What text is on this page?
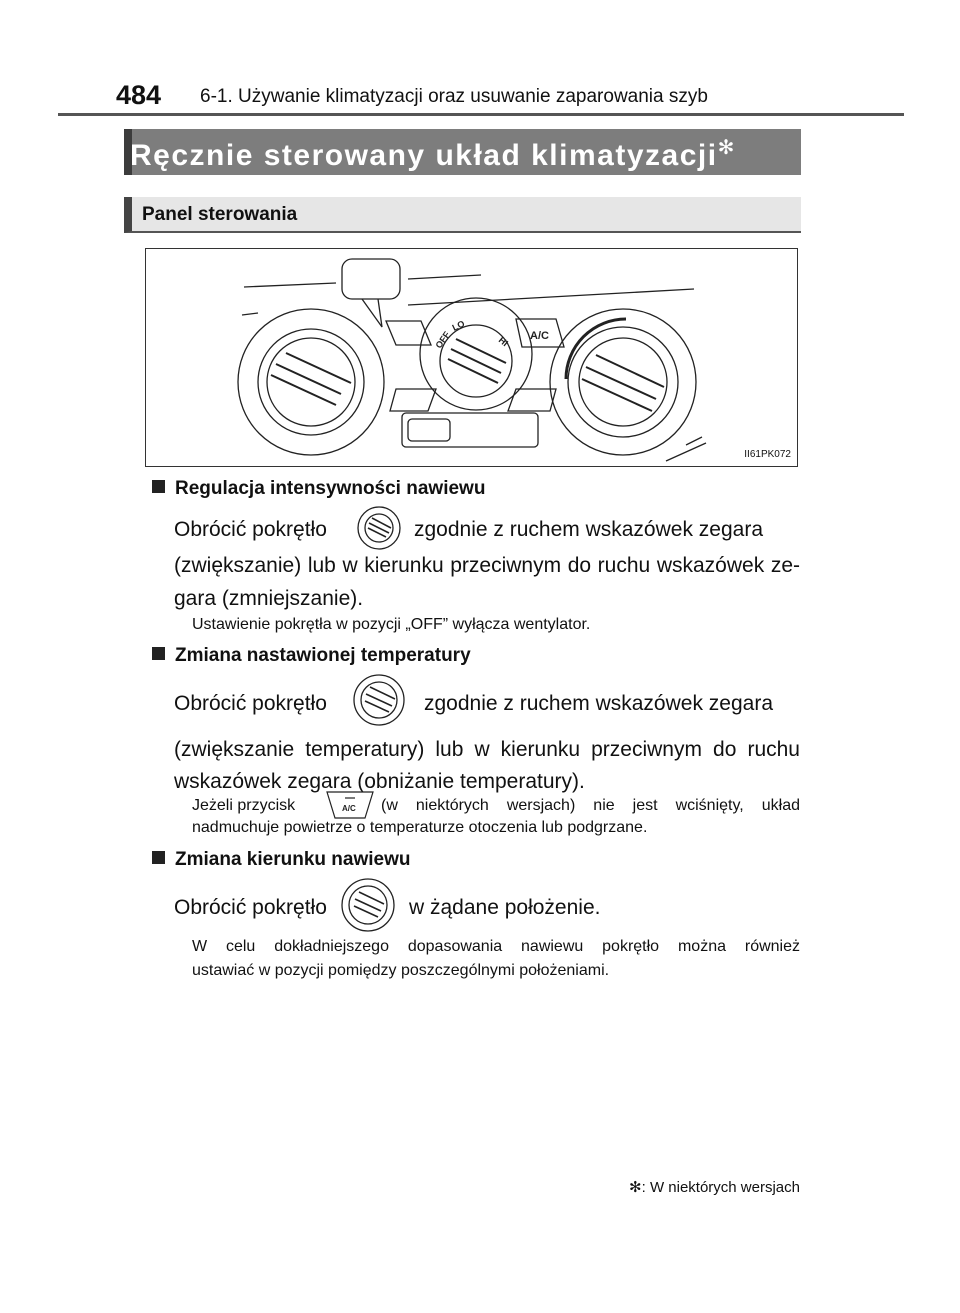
484 6-1. Używanie klimatyzacji oraz usuwanie zaparowania szyb
Ręcznie sterowany układ klimatyzacji✻
Panel sterowania
OFF
LO
HI A/C
II61PK072
Regulacja intensywności nawiewu
Obrócić pokrętło	zgodnie z ruchem wskazówek zegara
(zwiększanie) lub w kierunku przeciwnym do ruchu wskazówek ze-
gara (zmniejszanie).
Ustawienie pokrętła w pozycji „OFF” wyłącza wentylator.
Zmiana nastawionej temperatury
Obrócić pokrętło	zgodnie z ruchem wskazówek zegara
(zwiększanie temperatury) lub w kierunku przeciwnym do ruchu
wskazówek zegara (obniżanie temperatury).
Jeżeli przycisk	A/C (w niektórych wersjach) nie jest wciśnięty, układ
nadmuchuje powietrze o temperaturze otoczenia lub podgrzane.
Zmiana kierunku nawiewu
Obrócić pokrętło	w żądane położenie.
W celu dokładniejszego dopasowania nawiewu pokrętło można również
ustawiać w pozycji pomiędzy poszczególnymi położeniami.
✻: W niektórych wersjach
